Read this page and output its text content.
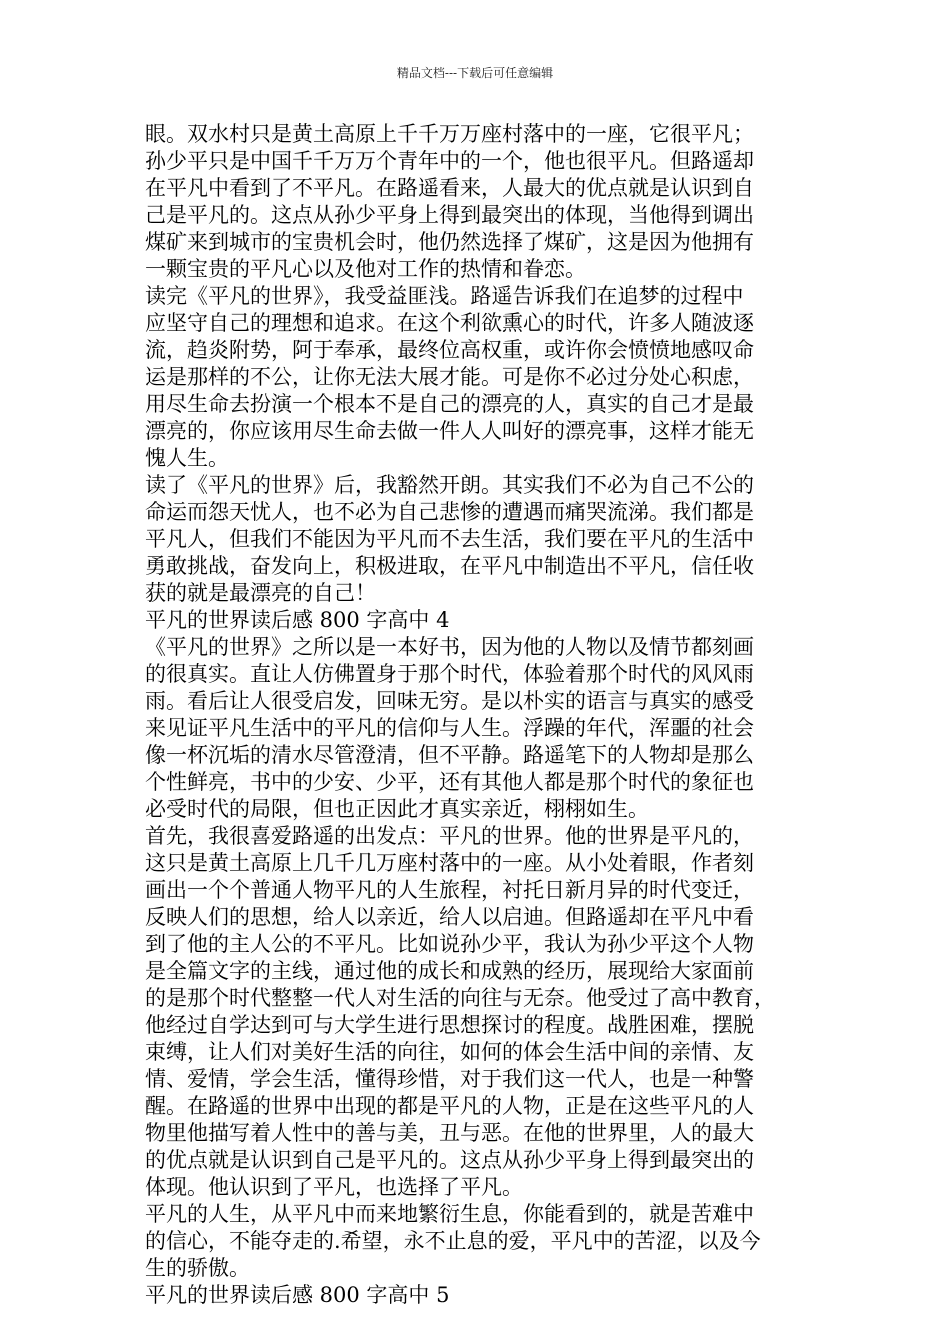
精品文档---下载后可任意编辑
眼。双水村只是黄土高原上千千万万座村落中的一座，它很平凡；
孙少平只是中国千千万万个青年中的一个，他也很平凡。但路遥却
在平凡中看到了不平凡。在路遥看来，人最大的优点就是认识到自
己是平凡的。这点从孙少平身上得到最突出的体现，当他得到调出
煤矿来到城市的宝贵机会时，他仍然选择了煤矿，这是因为他拥有
一颗宝贵的平凡心以及他对工作的热情和眷恋。
读完《平凡的世界》，我受益匪浅。路遥告诉我们在追梦的过程中
应坚守自己的理想和追求。在这个利欲熏心的时代，许多人随波逐
流，趋炎附势，阿于奉承，最终位高权重，或许你会愤愤地感叹命
运是那样的不公，让你无法大展才能。可是你不必过分处心积虑，
用尽生命去扮演一个根本不是自己的漂亮的人，真实的自己才是最
漂亮的，你应该用尽生命去做一件人人叫好的漂亮事，这样才能无
愧人生。
读了《平凡的世界》后，我豁然开朗。其实我们不必为自己不公的
命运而怨天忧人，也不必为自己悲惨的遭遇而痛哭流涕。我们都是
平凡人，但我们不能因为平凡而不去生活，我们要在平凡的生活中
勇敢挑战，奋发向上，积极进取，在平凡中制造出不平凡，信任收
获的就是最漂亮的自己！
平凡的世界读后感 800 字高中 4
《平凡的世界》之所以是一本好书，因为他的人物以及情节都刻画
的很真实。直让人仿佛置身于那个时代，体验着那个时代的风风雨
雨。看后让人很受启发，回味无穷。是以朴实的语言与真实的感受
来见证平凡生活中的平凡的信仰与人生。浮躁的年代，浑噩的社会
像一杯沉垢的清水尽管澄清，但不平静。路遥笔下的人物却是那么
个性鲜亮，书中的少安、少平，还有其他人都是那个时代的象征也
必受时代的局限，但也正因此才真实亲近，栩栩如生。
首先，我很喜爱路遥的出发点：平凡的世界。他的世界是平凡的，
这只是黄土高原上几千几万座村落中的一座。从小处着眼，作者刻
画出一个个普通人物平凡的人生旅程，衬托日新月异的时代变迁，
反映人们的思想，给人以亲近，给人以启迪。但路遥却在平凡中看
到了他的主人公的不平凡。比如说孙少平，我认为孙少平这个人物
是全篇文字的主线，通过他的成长和成熟的经历，展现给大家面前
的是那个时代整整一代人对生活的向往与无奈。他受过了高中教育，
他经过自学达到可与大学生进行思想探讨的程度。战胜困难，摆脱
束缚，让人们对美好生活的向往，如何的体会生活中间的亲情、友
情、爱情，学会生活，懂得珍惜，对于我们这一代人，也是一种警
醒。在路遥的世界中出现的都是平凡的人物，正是在这些平凡的人
物里他描写着人性中的善与美，丑与恶。在他的世界里，人的最大
的优点就是认识到自己是平凡的。这点从孙少平身上得到最突出的
体现。他认识到了平凡，也选择了平凡。
平凡的人生，从平凡中而来地繁衍生息，你能看到的，就是苦难中
的信心，不能夺走的.希望，永不止息的爱，平凡中的苦涩，以及今
生的骄傲。
平凡的世界读后感 800 字高中 5
